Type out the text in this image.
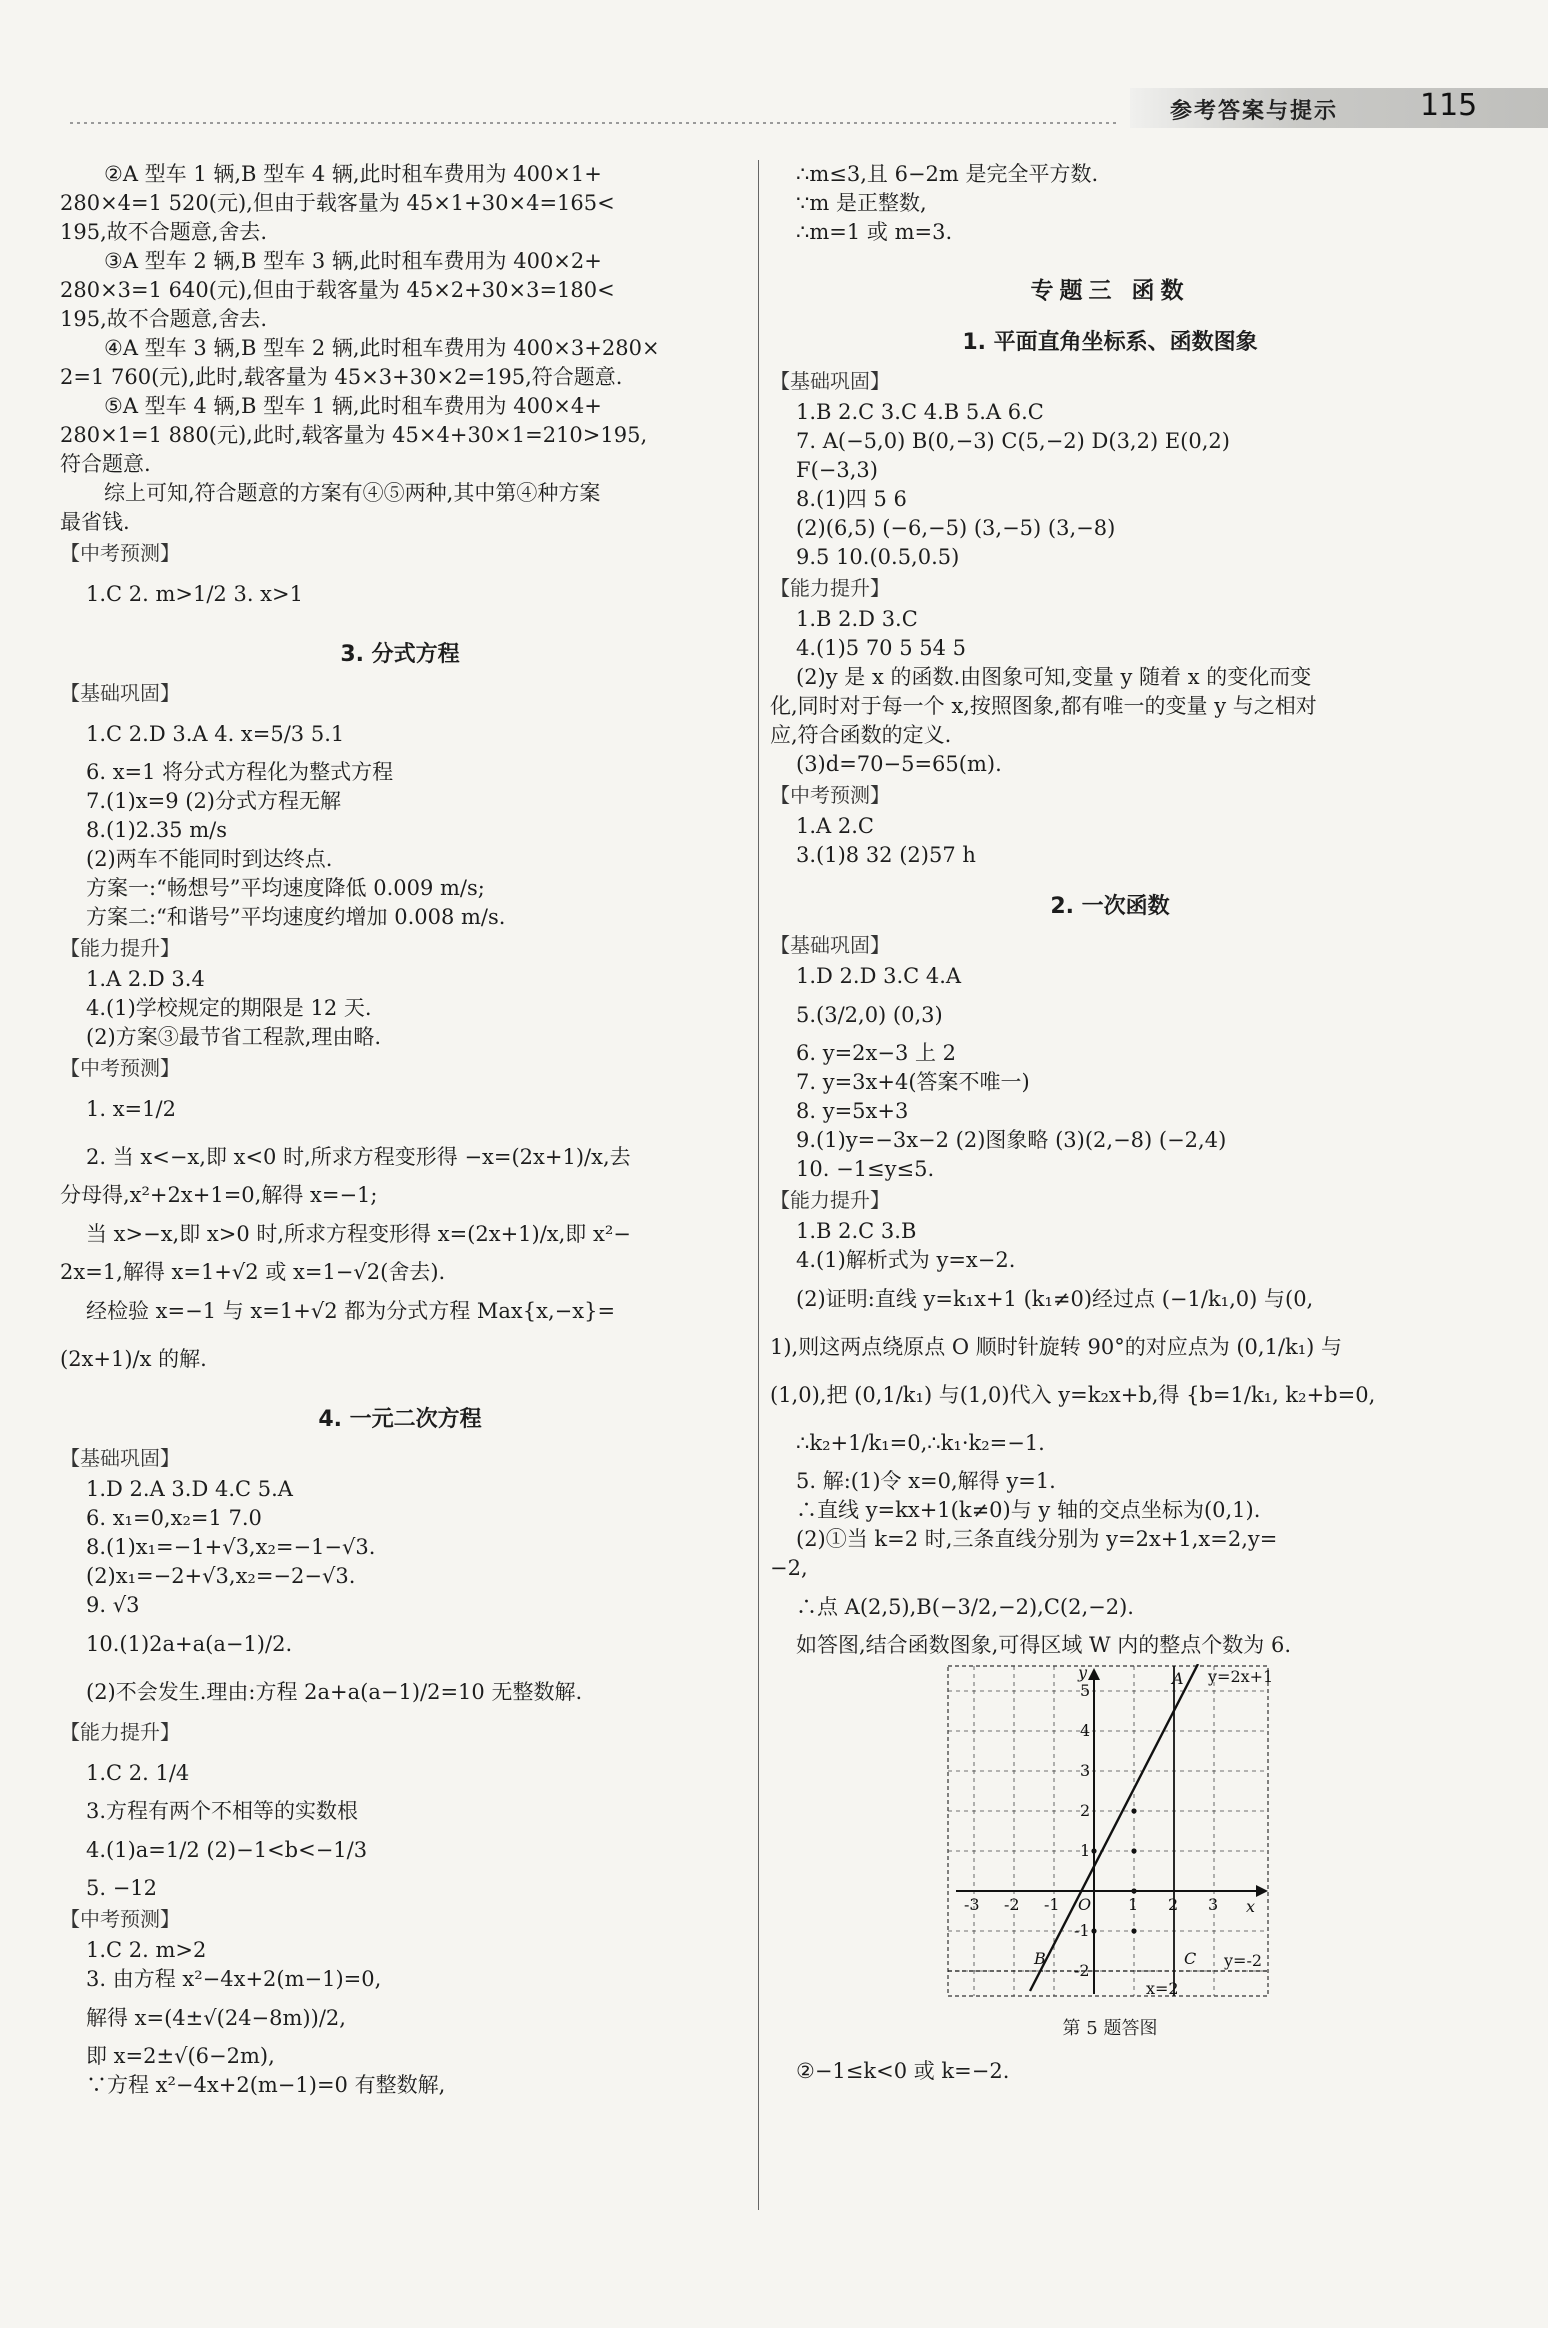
参考答案与提示	115
②A 型车 1 辆,B 型车 4 辆,此时租车费用为 400×1+
280×4=1 520(元),但由于载客量为 45×1+30×4=165<
195,故不合题意,舍去.
③A 型车 2 辆,B 型车 3 辆,此时租车费用为 400×2+
280×3=1 640(元),但由于载客量为 45×2+30×3=180<
195,故不合题意,舍去.
④A 型车 3 辆,B 型车 2 辆,此时租车费用为 400×3+280×
2=1 760(元),此时,载客量为 45×3+30×2=195,符合题意.
⑤A 型车 4 辆,B 型车 1 辆,此时租车费用为 400×4+
280×1=1 880(元),此时,载客量为 45×4+30×1=210>195,
符合题意.
综上可知,符合题意的方案有④⑤两种,其中第④种方案
最省钱.
【中考预测】
1.C 2. m>1/2 3. x>1
3. 分式方程
【基础巩固】
1.C 2.D 3.A 4. x=5/3 5.1
6. x=1 将分式方程化为整式方程
7.(1)x=9 (2)分式方程无解
8.(1)2.35 m/s
(2)两车不能同时到达终点.
方案一:“畅想号”平均速度降低 0.009 m/s;
方案二:“和谐号”平均速度约增加 0.008 m/s.
【能力提升】
1.A 2.D 3.4
4.(1)学校规定的期限是 12 天.
(2)方案③最节省工程款,理由略.
【中考预测】
1. x=1/2
2. 当 x<−x,即 x<0 时,所求方程变形得 −x=(2x+1)/x,去
分母得,x²+2x+1=0,解得 x=−1;
当 x>−x,即 x>0 时,所求方程变形得 x=(2x+1)/x,即 x²−
2x=1,解得 x=1+√2 或 x=1−√2(舍去).
经检验 x=−1 与 x=1+√2 都为分式方程 Max{x,−x}=
(2x+1)/x 的解.
4. 一元二次方程
【基础巩固】
1.D 2.A 3.D 4.C 5.A
6. x₁=0,x₂=1 7.0
8.(1)x₁=−1+√3,x₂=−1−√3.
(2)x₁=−2+√3,x₂=−2−√3.
9. √3
10.(1)2a+a(a−1)/2.
(2)不会发生.理由:方程 2a+a(a−1)/2=10 无整数解.
【能力提升】
1.C 2. 1/4
3.方程有两个不相等的实数根
4.(1)a=1/2 (2)−1<b<−1/3
5. −12
【中考预测】
1.C 2. m>2
3. 由方程 x²−4x+2(m−1)=0,
解得 x=(4±√(24−8m))/2,
即 x=2±√(6−2m),
∵方程 x²−4x+2(m−1)=0 有整数解,
∴m≤3,且 6−2m 是完全平方数.
∵m 是正整数,
∴m=1 或 m=3.
专题三 函数
1. 平面直角坐标系、函数图象
【基础巩固】
1.B 2.C 3.C 4.B 5.A 6.C
7. A(−5,0) B(0,−3) C(5,−2) D(3,2) E(0,2)
F(−3,3)
8.(1)四 5 6
(2)(6,5) (−6,−5) (3,−5) (3,−8)
9.5 10.(0.5,0.5)
【能力提升】
1.B 2.D 3.C
4.(1)5 70 5 54 5
(2)y 是 x 的函数.由图象可知,变量 y 随着 x 的变化而变
化,同时对于每一个 x,按照图象,都有唯一的变量 y 与之相对
应,符合函数的定义.
(3)d=70−5=65(m).
【中考预测】
1.A 2.C
3.(1)8 32 (2)57 h
2. 一次函数
【基础巩固】
1.D 2.D 3.C 4.A
5.(3/2,0) (0,3)
6. y=2x−3 上 2
7. y=3x+4(答案不唯一)
8. y=5x+3
9.(1)y=−3x−2 (2)图象略 (3)(2,−8) (−2,4)
10. −1≤y≤5.
【能力提升】
1.B 2.C 3.B
4.(1)解析式为 y=x−2.
(2)证明:直线 y=k₁x+1 (k₁≠0)经过点 (−1/k₁,0) 与(0,
1),则这两点绕原点 O 顺时针旋转 90°的对应点为 (0,1/k₁) 与
(1,0),把 (0,1/k₁) 与(1,0)代入 y=k₂x+b,得 {b=1/k₁, k₂+b=0,
∴k₂+1/k₁=0,∴k₁·k₂=−1.
5. 解:(1)令 x=0,解得 y=1.
∴直线 y=kx+1(k≠0)与 y 轴的交点坐标为(0,1).
(2)①当 k=2 时,三条直线分别为 y=2x+1,x=2,y=
−2,
∴点 A(2,5),B(−3/2,−2),C(2,−2).
如答图,结合函数图象,可得区域 W 内的整点个数为 6.
y=2x+1
x=2
y=-2
A
B	C
O	x
y
-3 -2 -1	1 2 3
5
4
3
2
1
-1
-2
第 5 题答图
②−1≤k<0 或 k=−2.
